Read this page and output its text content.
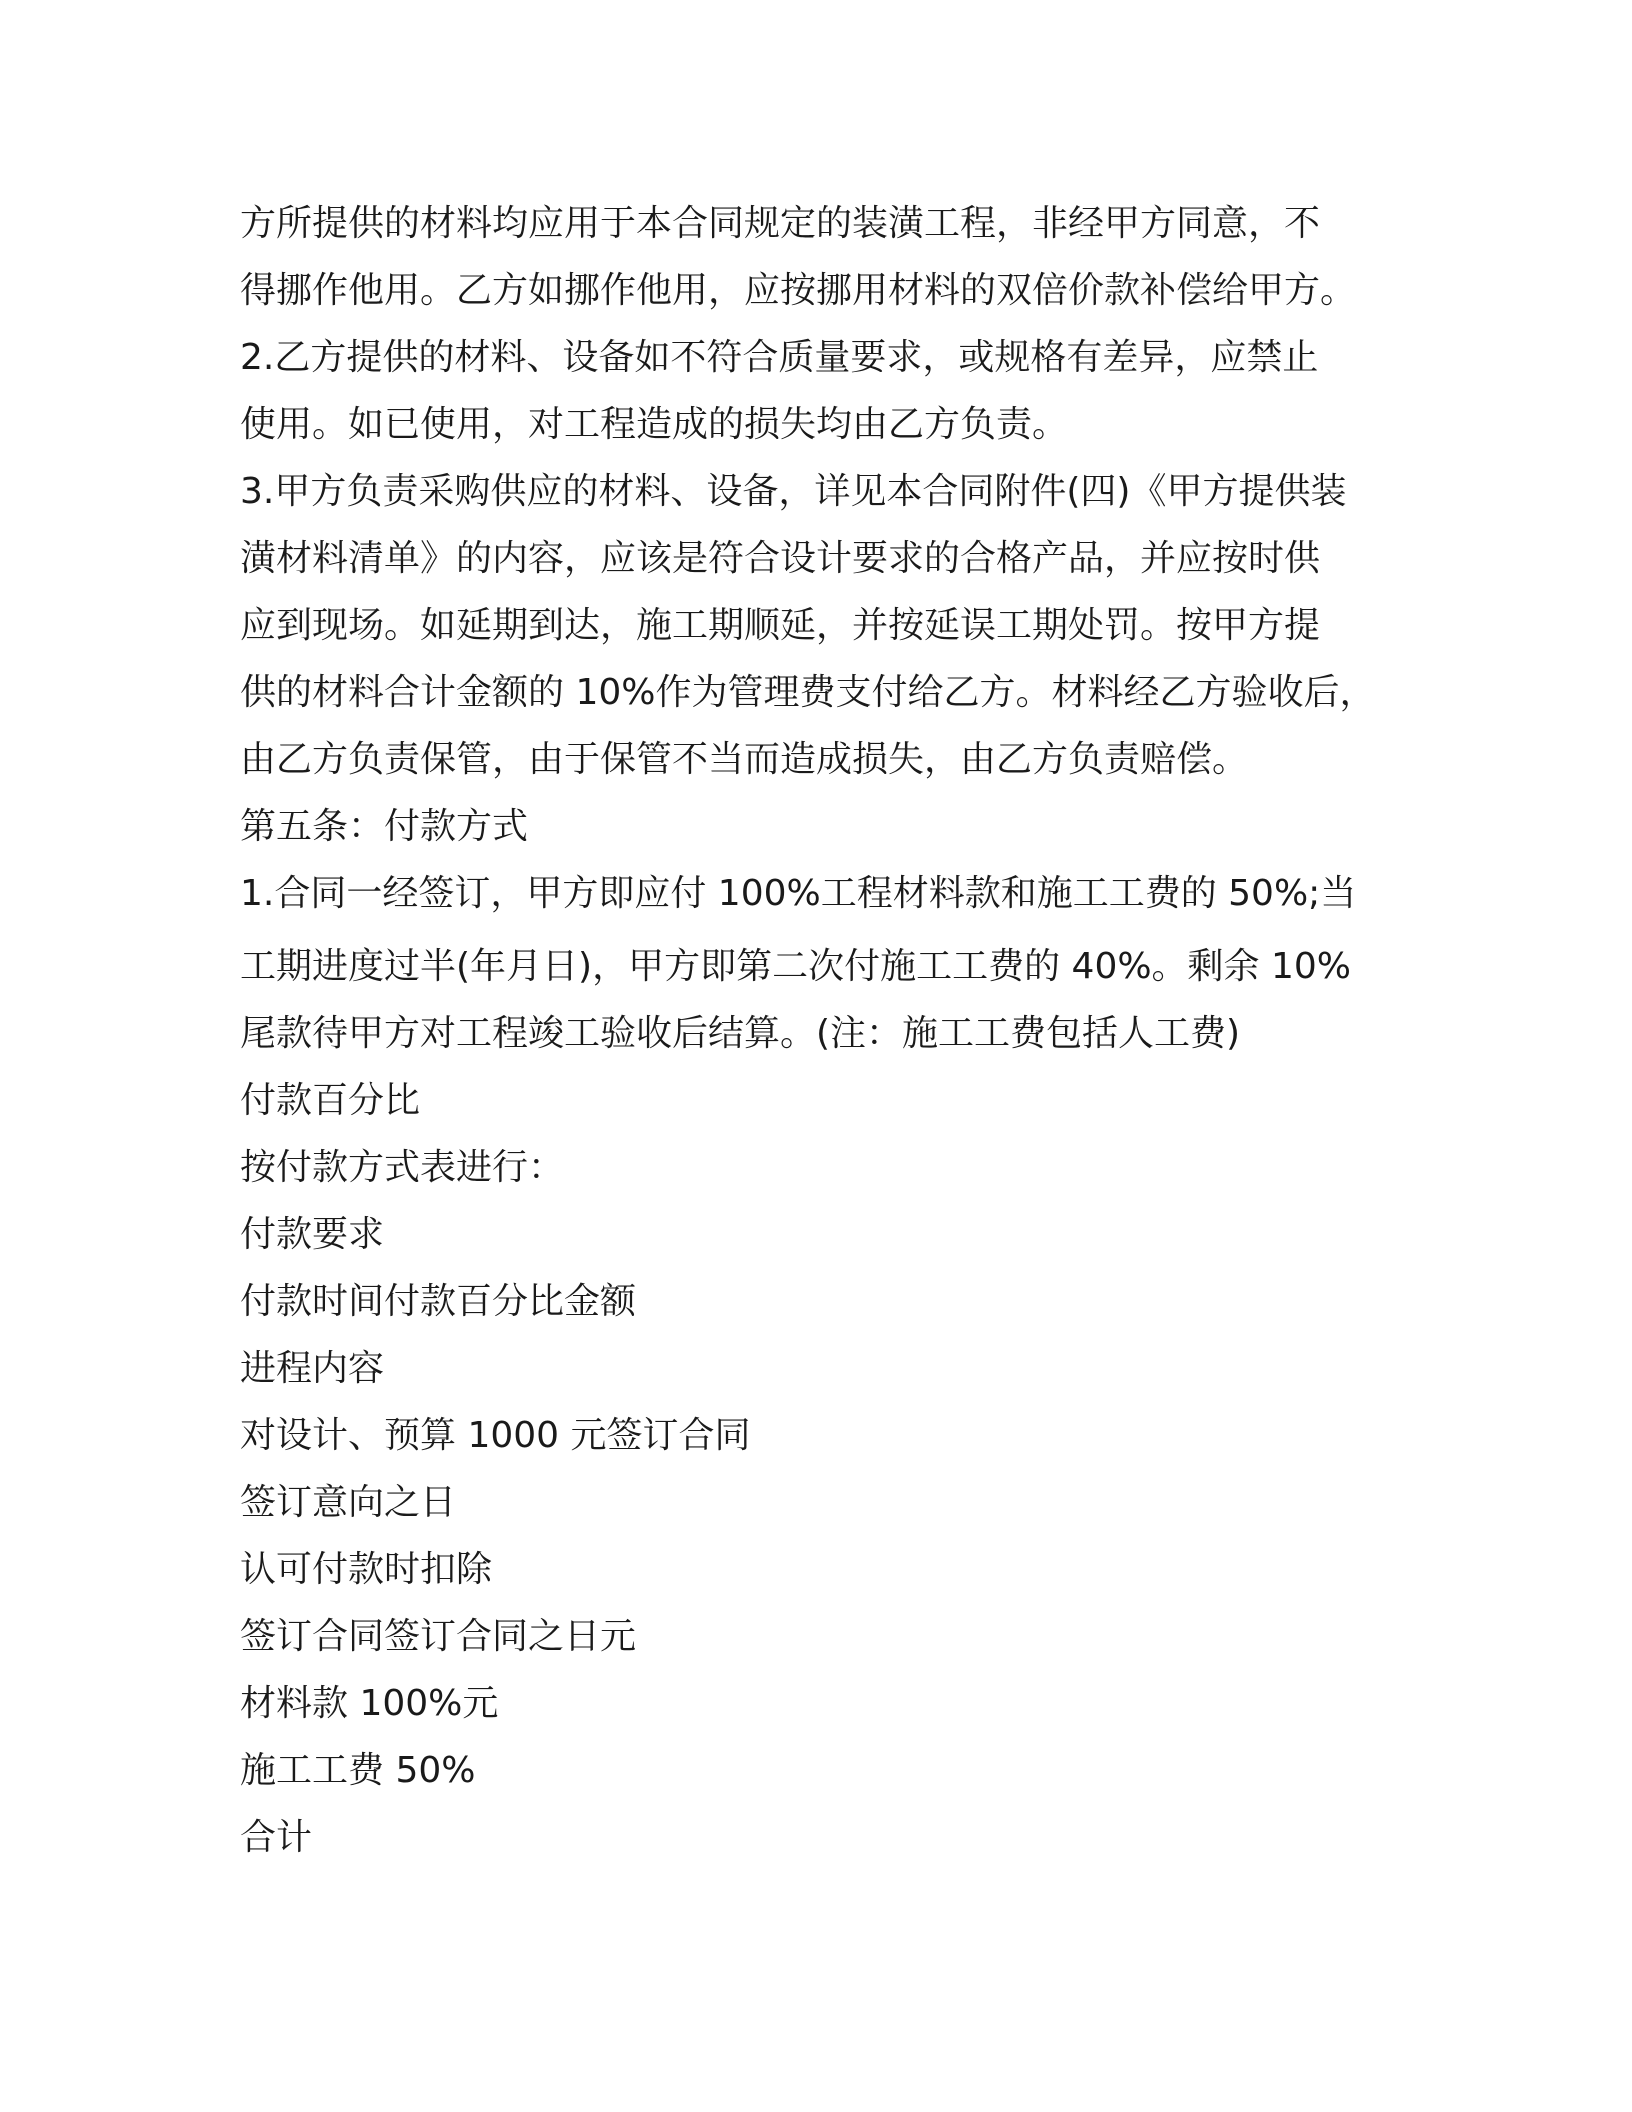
方所提供的材料均应用于本合同规定的装潢工程，非经甲方同意，不
得挪作他用。乙方如挪作他用，应按挪用材料的双倍价款补偿给甲方。
2.乙方提供的材料、设备如不符合质量要求，或规格有差异，应禁止
使用。如已使用，对工程造成的损失均由乙方负责。
3.甲方负责采购供应的材料、设备，详见本合同附件(四)《甲方提供装
潢材料清单》的内容，应该是符合设计要求的合格产品，并应按时供
应到现场。如延期到达，施工期顺延，并按延误工期处罚。按甲方提
供的材料合计金额的 10%作为管理费支付给乙方。材料经乙方验收后，
由乙方负责保管，由于保管不当而造成损失，由乙方负责赔偿。
第五条：付款方式
1.合同一经签订，甲方即应付 100%工程材料款和施工工费的 50%;当
工期进度过半(年月日)，甲方即第二次付施工工费的 40%。剩余 10%
尾款待甲方对工程竣工验收后结算。(注：施工工费包括人工费)
付款百分比
按付款方式表进行：
付款要求
付款时间付款百分比金额
进程内容
对设计、预算 1000 元签订合同
签订意向之日
认可付款时扣除
签订合同签订合同之日元
材料款 100%元
施工工费 50%
合计
